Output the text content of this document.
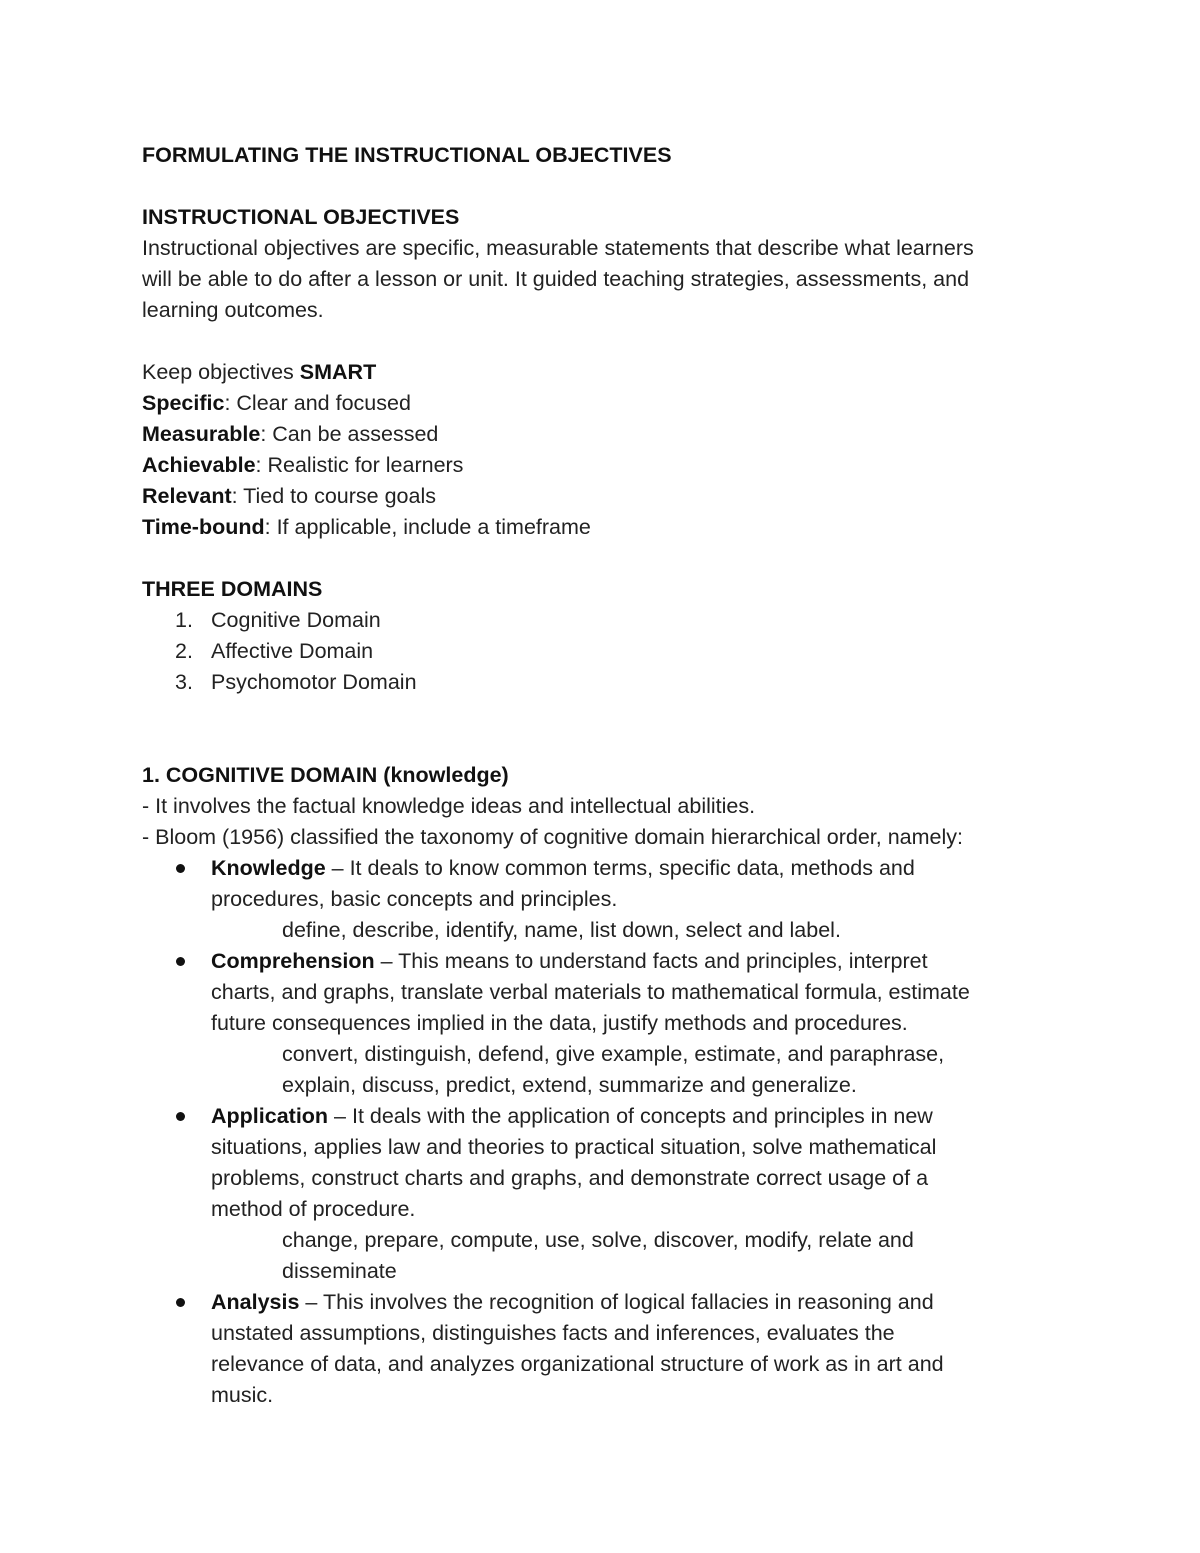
FORMULATING THE INSTRUCTIONAL OBJECTIVES
INSTRUCTIONAL OBJECTIVES
Instructional objectives are specific, measurable statements that describe what learners
will be able to do after a lesson or unit. It guided teaching strategies, assessments, and
learning outcomes.
Keep objectives SMART
Specific: Clear and focused
Measurable: Can be assessed
Achievable: Realistic for learners
Relevant: Tied to course goals
Time-bound: If applicable, include a timeframe
THREE DOMAINS
1. Cognitive Domain
2. Affective Domain
3. Psychomotor Domain
1. COGNITIVE DOMAIN (knowledge)
- It involves the factual knowledge ideas and intellectual abilities.
- Bloom (1956) classified the taxonomy of cognitive domain hierarchical order, namely:
Knowledge – It deals to know common terms, specific data, methods and
procedures, basic concepts and principles.
define, describe, identify, name, list down, select and label.
Comprehension – This means to understand facts and principles, interpret
charts, and graphs, translate verbal materials to mathematical formula, estimate
future consequences implied in the data, justify methods and procedures.
convert, distinguish, defend, give example, estimate, and paraphrase,
explain, discuss, predict, extend, summarize and generalize.
Application – It deals with the application of concepts and principles in new
situations, applies law and theories to practical situation, solve mathematical
problems, construct charts and graphs, and demonstrate correct usage of a
method of procedure.
change, prepare, compute, use, solve, discover, modify, relate and
disseminate
Analysis – This involves the recognition of logical fallacies in reasoning and
unstated assumptions, distinguishes facts and inferences, evaluates the
relevance of data, and analyzes organizational structure of work as in art and
music.
